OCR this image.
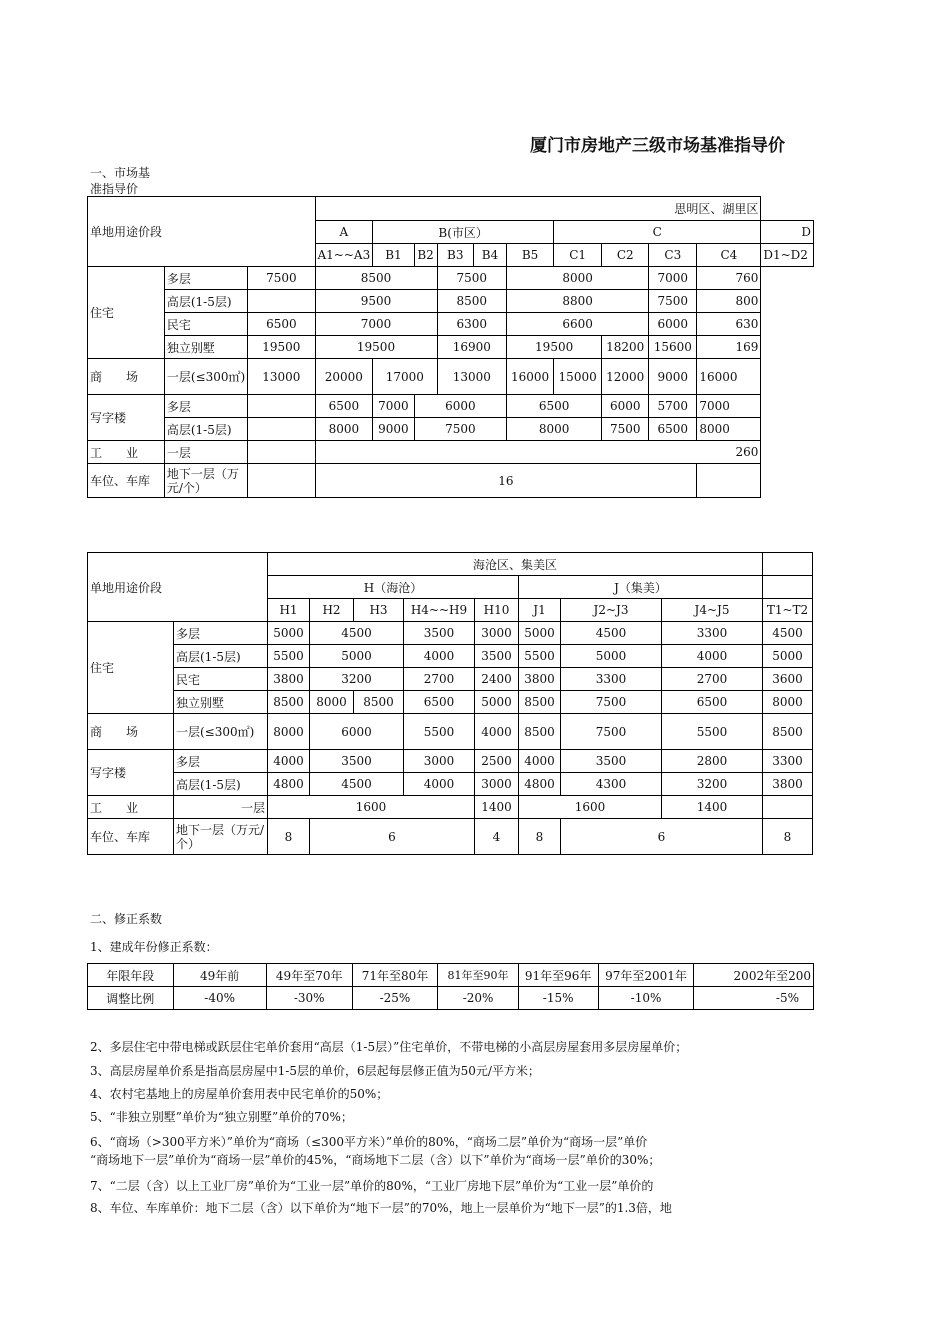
厦门市房地产三级市场基准指导价
一、市场基
准指导价
单地用途价段			思明区、湖里区										
			A	B(市区）					C				D
			A1~~A3	B1	B2	B3	B4	B5	C1	C2	C3	C4	D1~D2
住宅	多层	7500	8500			7500		8000			7000	760	
	高层(1-5层)		9500			8500		8800			7500	800	
	民宅	6500	7000			6300		6600			6000	630	
	独立别墅	19500	19500			16900		19500		18200	15600	169	
商　　场	一层(≤300㎡)	13000	20000	17000		13000		16000	15000	12000	9000	16000	
写字楼	多层		6500	7000	6000			6500		6000	5700	7000	
	高层(1-5层)		8000	9000	7500			8000		7500	6500	8000	
工　　业	一层		260										
车位、车库	地下一层（万元/个）		16										
单地用途价段		海沧区、集美区								
		H（海沧）					J（集美）			
		H1	H2	H3	H4~~H9	H10	J1	J2~J3	J4~J5	T1~T2
住宅	多层	5000	4500		3500	3000	5000	4500	3300	4500
	高层(1-5层)	5500	5000		4000	3500	5500	5000	4000	5000
	民宅	3800	3200		2700	2400	3800	3300	2700	3600
	独立别墅	8500	8000	8500	6500	5000	8500	7500	6500	8000
商　　场	一层(≤300㎡)	8000	6000		5500	4000	8500	7500	5500	8500
写字楼	多层	4000	3500		3000	2500	4000	3500	2800	3300
	高层(1-5层)	4800	4500		4000	3000	4800	4300	3200	3800
工　　业	一层	1600				1400	1600		1400	
车位、车库	地下一层（万元/个）	8	6			4	8	6		8
二、修正系数
1、建成年份修正系数：
年限年段	49年前	49年至70年	71年至80年	81年至90年	91年至96年	97年至2001年	2002年至200
调整比例	-40%	-30%	-25%	-20%	-15%	-10%	-5%
2、多层住宅中带电梯或跃层住宅单价套用“高层（1-5层）”住宅单价，不带电梯的小高层房屋套用多层房屋单价；
3、高层房屋单价系是指高层房屋中1-5层的单价，6层起每层修正值为50元/平方米；
4、农村宅基地上的房屋单价套用表中民宅单价的50%；
5、“非独立别墅”单价为“独立别墅”单价的70%；
6、“商场（>300平方米）”单价为“商场（≤300平方米）”单价的80%，“商场二层”单价为“商场一层”单价
“商场地下一层”单价为“商场一层”单价的45%，“商场地下二层（含）以下”单价为“商场一层”单价的30%；
7、“二层（含）以上工业厂房”单价为“工业一层”单价的80%，“工业厂房地下层”单价为“工业一层”单价的
8、车位、车库单价：地下二层（含）以下单价为“地下一层”的70%，地上一层单价为“地下一层”的1.3倍，地
